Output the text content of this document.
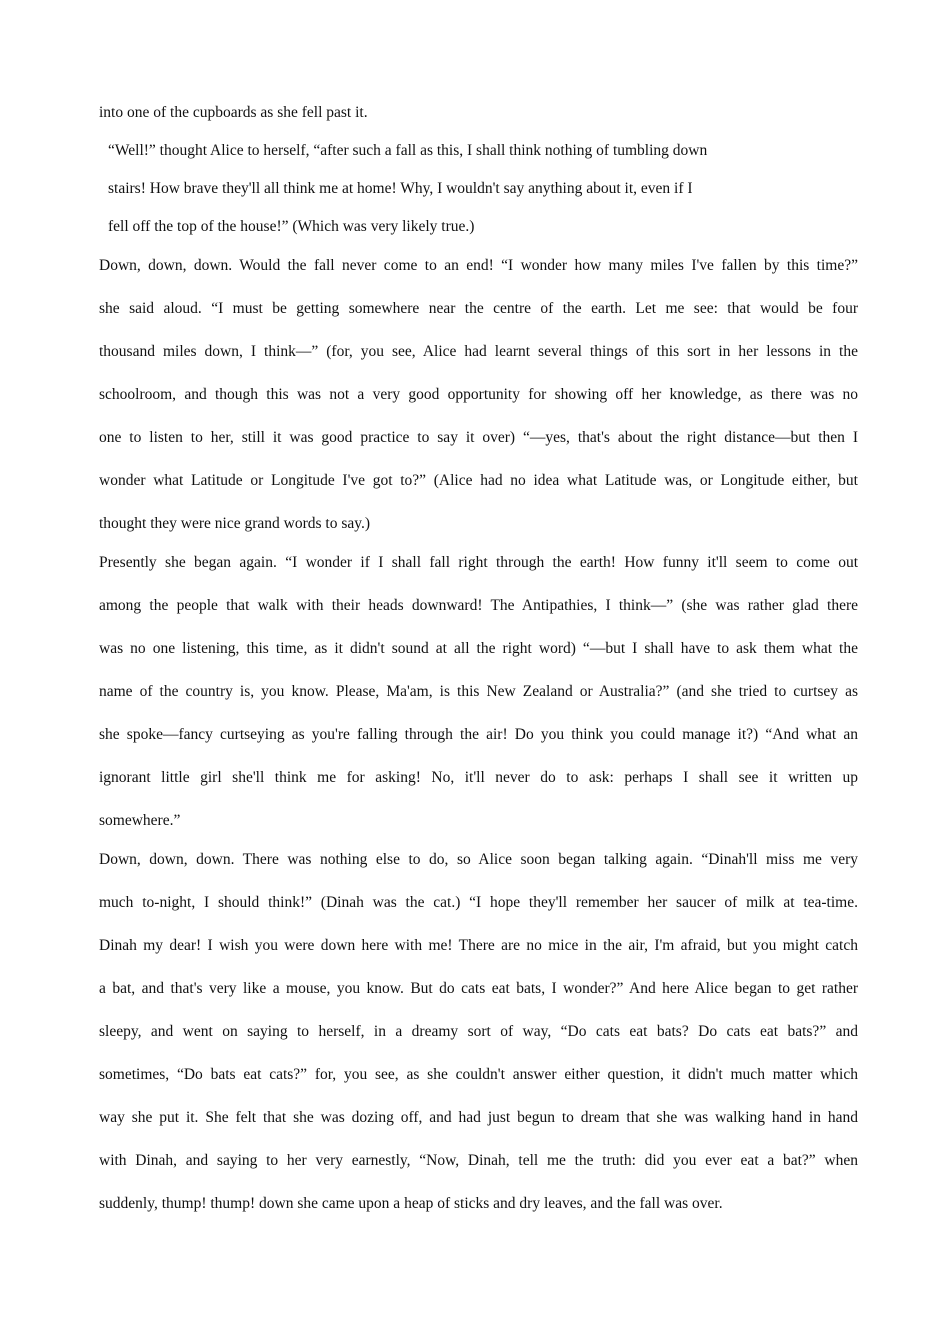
into one of the cupboards as she fell past it.
“Well!” thought Alice to herself, “after such a fall as this, I shall think nothing of tumbling down
stairs! How brave they'll all think me at home! Why, I wouldn't say anything about it, even if I
fell off the top of the house!” (Which was very likely true.)
Down, down, down. Would the fall never come to an end! “I wonder how many miles I've fallen by this time?”
she said aloud. “I must be getting somewhere near the centre of the earth. Let me see: that would be four
thousand miles down, I think—” (for, you see, Alice had learnt several things of this sort in her lessons in the
schoolroom, and though this was not a very good opportunity for showing off her knowledge, as there was no
one to listen to her, still it was good practice to say it over) “—yes, that's about the right distance—but then I
wonder what Latitude or Longitude I've got to?” (Alice had no idea what Latitude was, or Longitude either, but
thought they were nice grand words to say.)
Presently she began again. “I wonder if I shall fall right through the earth! How funny it'll seem to come out
among the people that walk with their heads downward! The Antipathies, I think—” (she was rather glad there
was no one listening, this time, as it didn't sound at all the right word) “—but I shall have to ask them what the
name of the country is, you know. Please, Ma'am, is this New Zealand or Australia?” (and she tried to curtsey as
she spoke—fancy curtseying as you're falling through the air! Do you think you could manage it?) “And what an
ignorant little girl she'll think me for asking! No, it'll never do to ask: perhaps I shall see it written up
somewhere.”
Down, down, down. There was nothing else to do, so Alice soon began talking again. “Dinah'll miss me very
much to-night, I should think!” (Dinah was the cat.) “I hope they'll remember her saucer of milk at tea-time.
Dinah my dear! I wish you were down here with me! There are no mice in the air, I'm afraid, but you might catch
a bat, and that's very like a mouse, you know. But do cats eat bats, I wonder?” And here Alice began to get rather
sleepy, and went on saying to herself, in a dreamy sort of way, “Do cats eat bats? Do cats eat bats?” and
sometimes, “Do bats eat cats?” for, you see, as she couldn't answer either question, it didn't much matter which
way she put it. She felt that she was dozing off, and had just begun to dream that she was walking hand in hand
with Dinah, and saying to her very earnestly, “Now, Dinah, tell me the truth: did you ever eat a bat?” when
suddenly, thump! thump! down she came upon a heap of sticks and dry leaves, and the fall was over.
